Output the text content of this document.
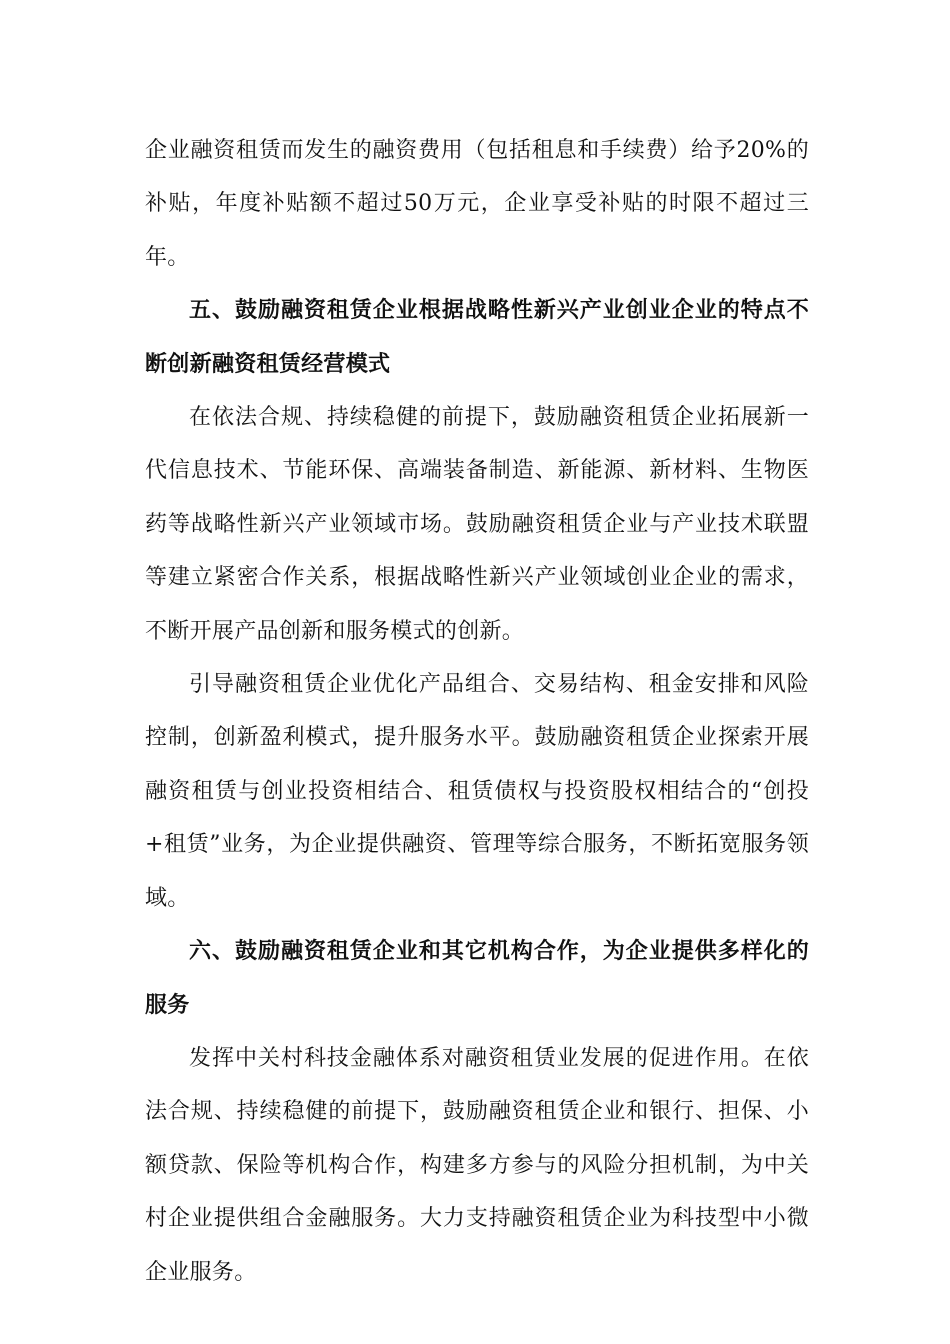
企业融资租赁而发生的融资费用（包括租息和手续费）给予20%的补贴，年度补贴额不超过50万元，企业享受补贴的时限不超过三年。

五、鼓励融资租赁企业根据战略性新兴产业创业企业的特点不断创新融资租赁经营模式

在依法合规、持续稳健的前提下，鼓励融资租赁企业拓展新一代信息技术、节能环保、高端装备制造、新能源、新材料、生物医药等战略性新兴产业领域市场。鼓励融资租赁企业与产业技术联盟等建立紧密合作关系，根据战略性新兴产业领域创业企业的需求，不断开展产品创新和服务模式的创新。

引导融资租赁企业优化产品组合、交易结构、租金安排和风险控制，创新盈利模式，提升服务水平。鼓励融资租赁企业探索开展融资租赁与创业投资相结合、租赁债权与投资股权相结合的“创投+租赁”业务，为企业提供融资、管理等综合服务，不断拓宽服务领域。

六、鼓励融资租赁企业和其它机构合作，为企业提供多样化的服务

发挥中关村科技金融体系对融资租赁业发展的促进作用。在依法合规、持续稳健的前提下，鼓励融资租赁企业和银行、担保、小额贷款、保险等机构合作，构建多方参与的风险分担机制，为中关村企业提供组合金融服务。大力支持融资租赁企业为科技型中小微企业服务。
